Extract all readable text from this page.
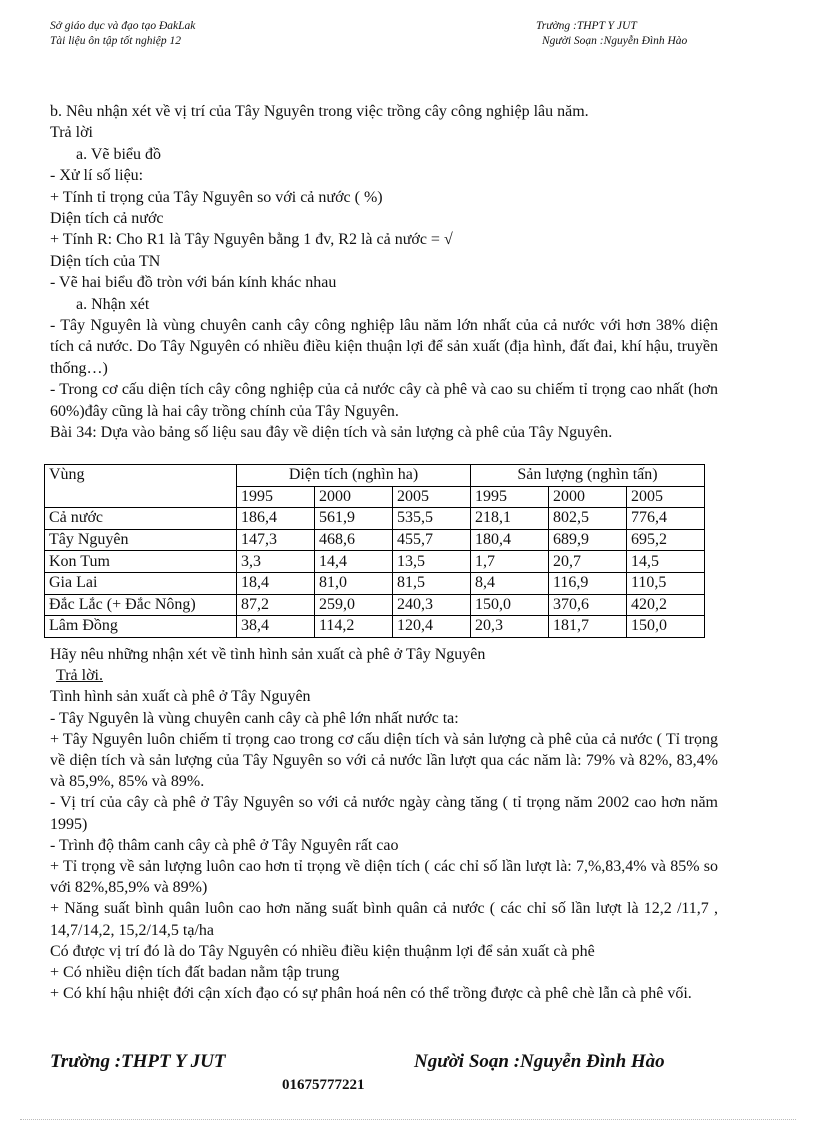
Sở giáo dục và đạo tạo ĐakLak
Tài liệu ôn tập tốt nghiệp 12
Trường :THPT Y JUT
Người Soạn :Nguyễn Đình Hào

b. Nêu nhận xét về vị trí của Tây Nguyên trong việc trồng cây công nghiệp lâu năm.

Trả lời

a. Vẽ biểu đồ

- Xử lí số liệu:

+ Tính tỉ trọng của Tây Nguyên so với cả nước ( %)

Diện tích cả nước

+ Tính R: Cho R1 là Tây Nguyên bằng 1 đv, R2 là cả nước = √

Diện tích của TN

- Vẽ hai biểu đồ tròn với bán kính khác nhau

a. Nhận xét

- Tây Nguyên là vùng chuyên canh cây công nghiệp lâu năm lớn nhất của cả nước với hơn 38% diện tích cả nước. Do Tây Nguyên có nhiều điều kiện thuận lợi để sản xuất (địa hình, đất đai, khí hậu, truyền thống…)

- Trong cơ cấu diện tích cây công nghiệp của cả nước cây cà phê và cao su chiếm tỉ trọng cao nhất (hơn 60%)đây cũng là hai cây trồng chính của Tây Nguyên.

Bài 34: Dựa vào bảng số liệu sau đây về diện tích và sản lượng cà phê của Tây Nguyên.

Vùng	Diện tích (nghìn ha)			Sản lượng (nghìn tấn)		
	1995	2000	2005	1995	2000	2005
Cả nước	186,4	561,9	535,5	218,1	802,5	776,4
Tây Nguyên	147,3	468,6	455,7	180,4	689,9	695,2
Kon Tum	3,3	14,4	13,5	1,7	20,7	14,5
Gia Lai	18,4	81,0	81,5	8,4	116,9	110,5
Đắc Lắc (+ Đắc Nông)	87,2	259,0	240,3	150,0	370,6	420,2
Lâm Đồng	38,4	114,2	120,4	20,3	181,7	150,0

Hãy nêu những nhận xét về tình hình sản xuất cà phê ở Tây Nguyên

Trả lời.

Tình hình sản xuất cà phê ở Tây Nguyên

- Tây Nguyên là vùng chuyên canh cây cà phê lớn nhất nước ta:

+ Tây Nguyên luôn chiếm tỉ trọng cao trong cơ cấu diện tích và sản lượng cà phê của cả nước ( Tỉ trọng về diện tích và sản lượng của Tây Nguyên so với cả nước lần lượt qua các năm là: 79% và 82%, 83,4% và 85,9%, 85% và 89%.

- Vị trí của cây cà phê ở Tây Nguyên so với cả nước ngày càng tăng ( tỉ trọng năm 2002 cao hơn năm 1995)

- Trình độ thâm canh cây cà phê ở Tây Nguyên rất cao

+ Tỉ trọng về sản lượng luôn cao hơn tỉ trọng về diện tích ( các chỉ số lần lượt là: 7,%,83,4% và 85% so với 82%,85,9% và 89%)

+ Năng suất bình quân luôn cao hơn năng suất bình quân cả nước ( các chỉ số lần lượt là 12,2 /11,7 , 14,7/14,2, 15,2/14,5 tạ/ha

Có được vị trí đó là do Tây Nguyên có nhiều điều kiện thuậnm lợi để sản xuất cà phê

+ Có nhiều diện tích đất badan nằm tập trung

+ Có khí hậu nhiệt đới cận xích đạo có sự phân hoá nên có thể trồng được cà phê chè lẫn cà phê vối.

Trường :THPT Y JUT	Người Soạn :Nguyễn Đình Hào
01675777221
